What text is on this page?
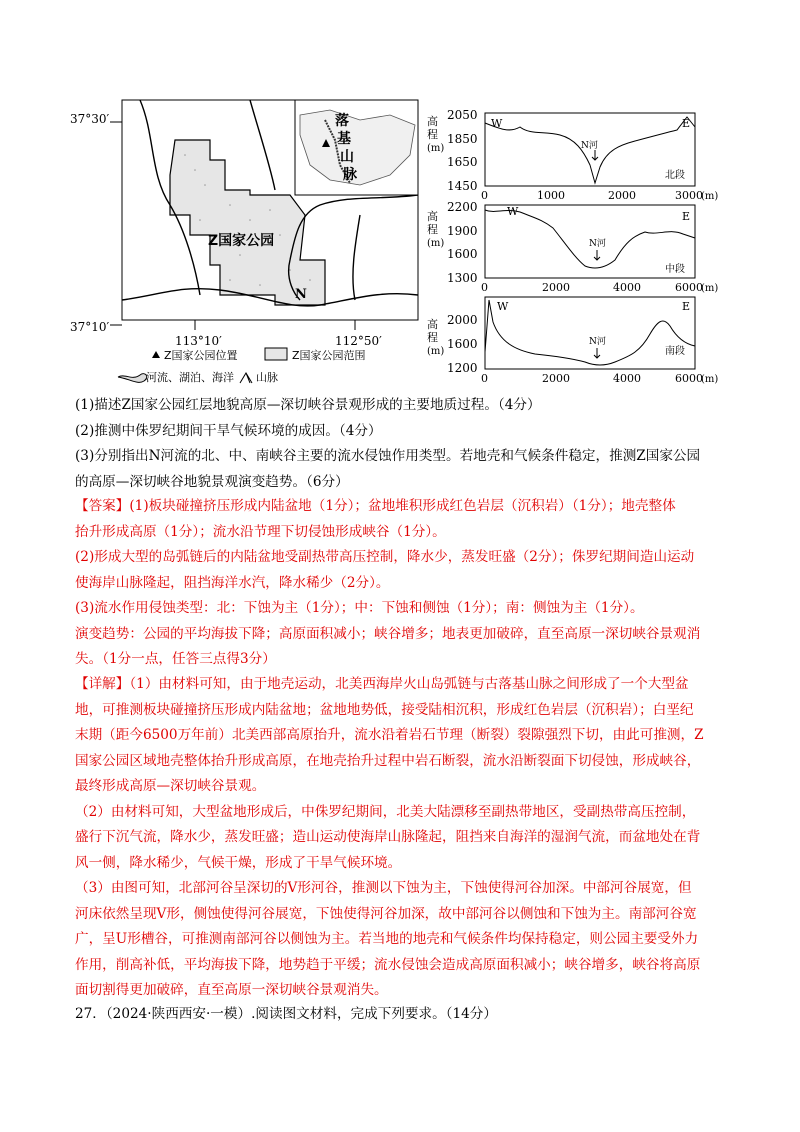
37°30′
37°10′
Z国家公园
N
落
基
山
脉
113°10′	112°50′
Z国家公园位置	Z国家公园范围
河流、湖泊、海洋 山脉
高
程
(m)
2050
1850
1650
1450
W	E
N河
北段
0	1000	2000	3000
(m)
高
程
(m)
2200
1900
1600
1300
W	E
N河
中段
0	2000	4000	6000
(m)
高
程
(m)
2000
1600
1200
W	E
N河
南段
0	2000	4000	6000
(m)

(1)描述Z国家公园红层地貌高原—深切峡谷景观形成的主要地质过程。（4分）

(2)推测中侏罗纪期间干旱气候环境的成因。（4分）

(3)分别指出N河流的北、中、南峡谷主要的流水侵蚀作用类型。若地壳和气候条件稳定，推测Z国家公园

的高原—深切峡谷地貌景观演变趋势。（6分）

【答案】(1)板块碰撞挤压形成内陆盆地（1分）；盆地堆积形成红色岩层（沉积岩）（1分）；地壳整体

抬升形成高原（1分）；流水沿节理下切侵蚀形成峡谷（1分）。

(2)形成大型的岛弧链后的内陆盆地受副热带高压控制，降水少，蒸发旺盛（2分）；侏罗纪期间造山运动

使海岸山脉隆起，阻挡海洋水汽，降水稀少（2分）。

(3)流水作用侵蚀类型：北：下蚀为主（1分）；中：下蚀和侧蚀（1分）；南：侧蚀为主（1分）。

演变趋势：公园的平均海拔下降；高原面积减小；峡谷增多；地表更加破碎，直至高原一深切峡谷景观消

失。（1分一点，任答三点得3分）

【详解】（1）由材料可知，由于地壳运动，北美西海岸火山岛弧链与古落基山脉之间形成了一个大型盆

地，可推测板块碰撞挤压形成内陆盆地；盆地地势低，接受陆相沉积，形成红色岩层（沉积岩）；白垩纪

末期（距今6500万年前）北美西部高原抬升，流水沿着岩石节理（断裂）裂隙强烈下切，由此可推测，Z

国家公园区域地壳整体抬升形成高原，在地壳抬升过程中岩石断裂，流水沿断裂面下切侵蚀，形成峡谷，

最终形成高原—深切峡谷景观。

（2）由材料可知，大型盆地形成后，中侏罗纪期间，北美大陆漂移至副热带地区，受副热带高压控制，

盛行下沉气流，降水少，蒸发旺盛；造山运动使海岸山脉隆起，阻挡来自海洋的湿润气流，而盆地处在背

风一侧，降水稀少，气候干燥，形成了干旱气候环境。

（3）由图可知，北部河谷呈深切的V形河谷，推测以下蚀为主，下蚀使得河谷加深。中部河谷展宽，但

河床依然呈现V形，侧蚀使得河谷展宽，下蚀使得河谷加深，故中部河谷以侧蚀和下蚀为主。南部河谷宽

广，呈U形槽谷，可推测南部河谷以侧蚀为主。若当地的地壳和气候条件均保持稳定，则公园主要受外力

作用，削高补低，平均海拔下降，地势趋于平缓；流水侵蚀会造成高原面积减小；峡谷增多，峡谷将高原

面切割得更加破碎，直至高原一深切峡谷景观消失。

27．（2024·陕西西安·一模）.阅读图文材料，完成下列要求。（14分）
